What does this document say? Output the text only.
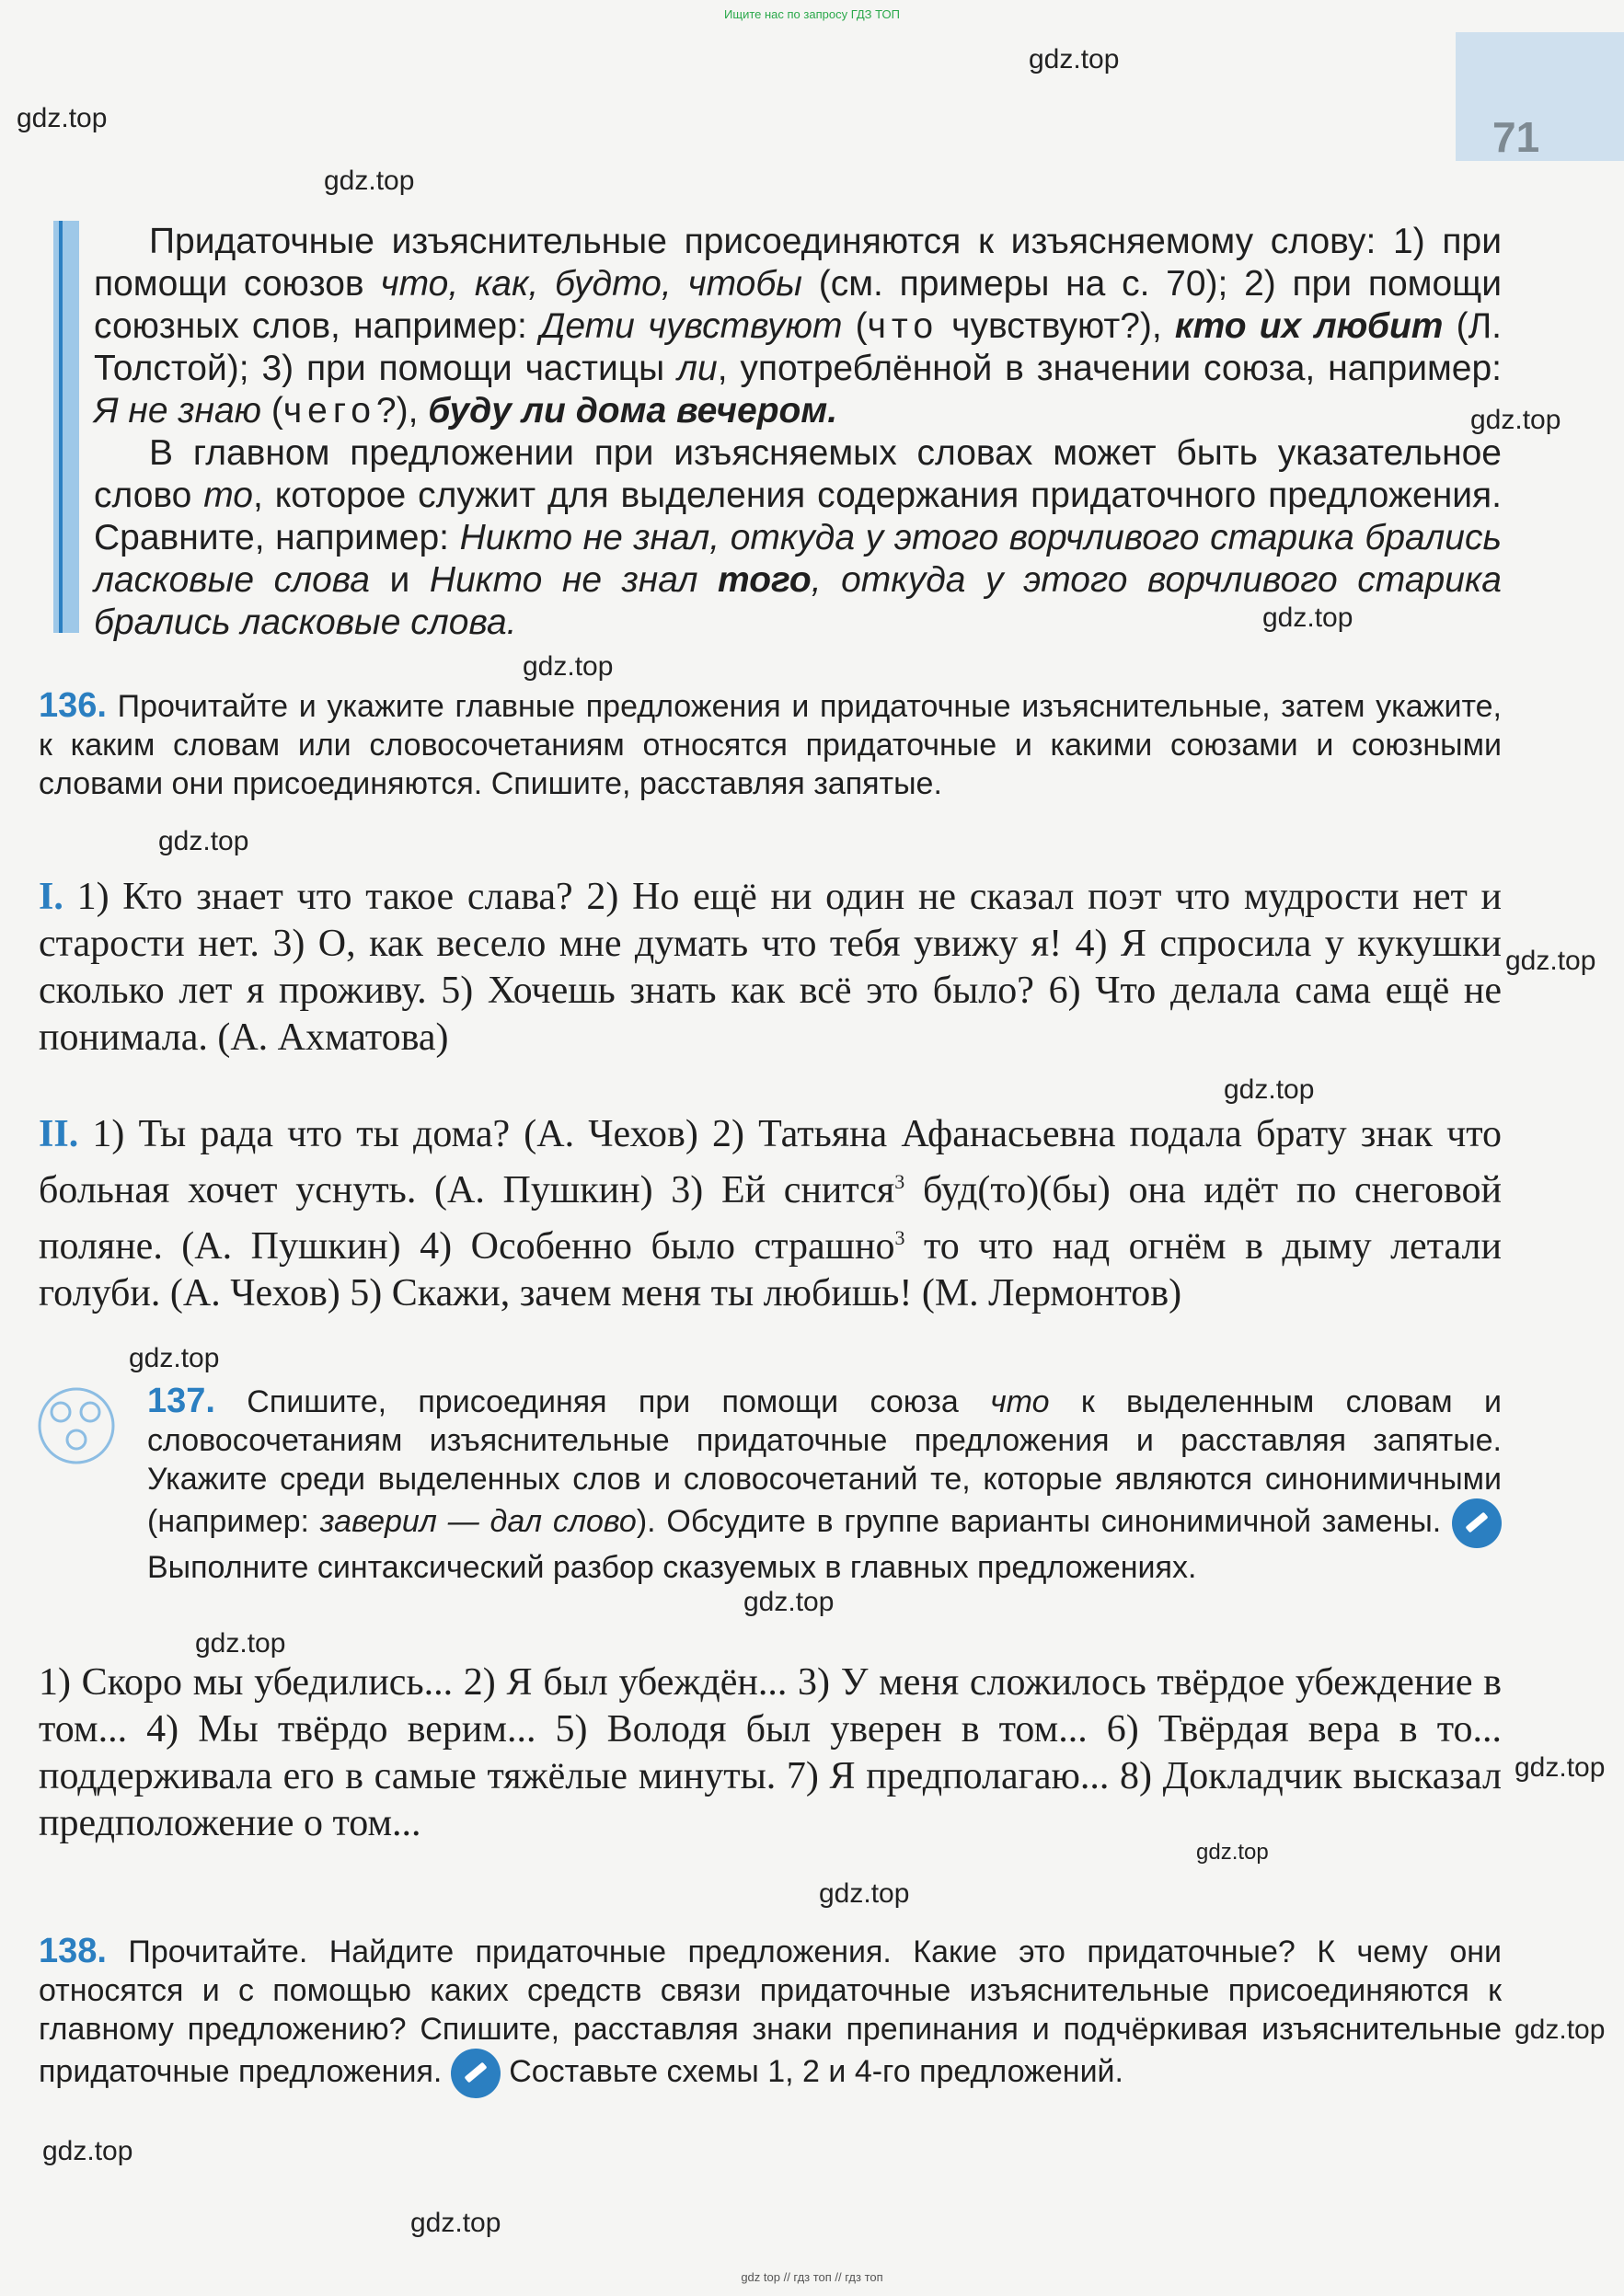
Ищите нас по запросу ГДЗ ТОП
71
gdz.top
gdz.top
gdz.top
gdz.top
gdz.top
gdz.top
gdz.top
gdz.top
gdz.top
gdz.top
gdz.top
gdz.top
gdz.top
gdz.top
gdz.top
gdz.top
gdz.top
gdz.top

Придаточные изъяснительные присоединяются к изъясняемому слову: 1) при помощи союзов что, как, будто, чтобы (см. примеры на с. 70); 2) при помощи союзных слов, например: Дети чувствуют (что чувствуют?), кто их любит (Л. Толстой); 3) при помощи частицы ли, употреблённой в значении союза, например: Я не знаю (чего?), буду ли дома вечером.

В главном предложении при изъясняемых словах может быть указательное слово то, которое служит для выделения содержания придаточного предложения. Сравните, например: Никто не знал, откуда у этого ворчливого старика брались ласковые слова и Никто не знал того, откуда у этого ворчливого старика брались ласковые слова.

136. Прочитайте и укажите главные предложения и придаточные изъяснительные, затем укажите, к каким словам или словосочетаниям относятся придаточные и какими союзами и союзными словами они присоединяются. Спишите, расставляя запятые.

I. 1) Кто знает что такое слава? 2) Но ещё ни один не сказал поэт что мудрости нет и старости нет. 3) О, как весело мне думать что тебя увижу я! 4) Я спросила у кукушки сколько лет я проживу. 5) Хочешь знать как всё это было? 6) Что делала сама ещё не понимала. (А. Ахматова)

II. 1) Ты рада что ты дома? (А. Чехов) 2) Татьяна Афанасьевна подала брату знак что больная хочет уснуть. (А. Пушкин) 3) Ей снится$^3$ буд(то)(бы) она идёт по снеговой поляне. (А. Пушкин) 4) Особенно было страшно$^3$ то что над огнём в дыму летали голуби. (А. Чехов) 5) Скажи, зачем меня ты любишь! (М. Лермонтов)

137. Спишите, присоединяя при помощи союза что к выделенным словам и словосочетаниям изъяснительные придаточные предложения и расставляя запятые. Укажите среди выделенных слов и словосочетаний те, которые являются синонимичными (например: заверил — дал слово). Обсудите в группе варианты синонимичной замены.  Выполните синтаксический разбор сказуемых в главных предложениях.

1) Скоро мы убедились... 2) Я был убеждён... 3) У меня сложилось твёрдое убеждение в том... 4) Мы твёрдо верим... 5) Володя был уверен в том... 6) Твёрдая вера в то... поддерживала его в самые тяжёлые минуты. 7) Я предполагаю... 8) Докладчик высказал предположение о том...

138. Прочитайте. Найдите придаточные предложения. Какие это придаточные? К чему они относятся и с помощью каких средств связи придаточные изъяснительные присоединяются к главному предложению? Спишите, расставляя знаки препинания и подчёркивая изъяснительные придаточные предложения.  Составьте схемы 1, 2 и 4-го предложений.

gdz top // гдз топ // гдз топ
